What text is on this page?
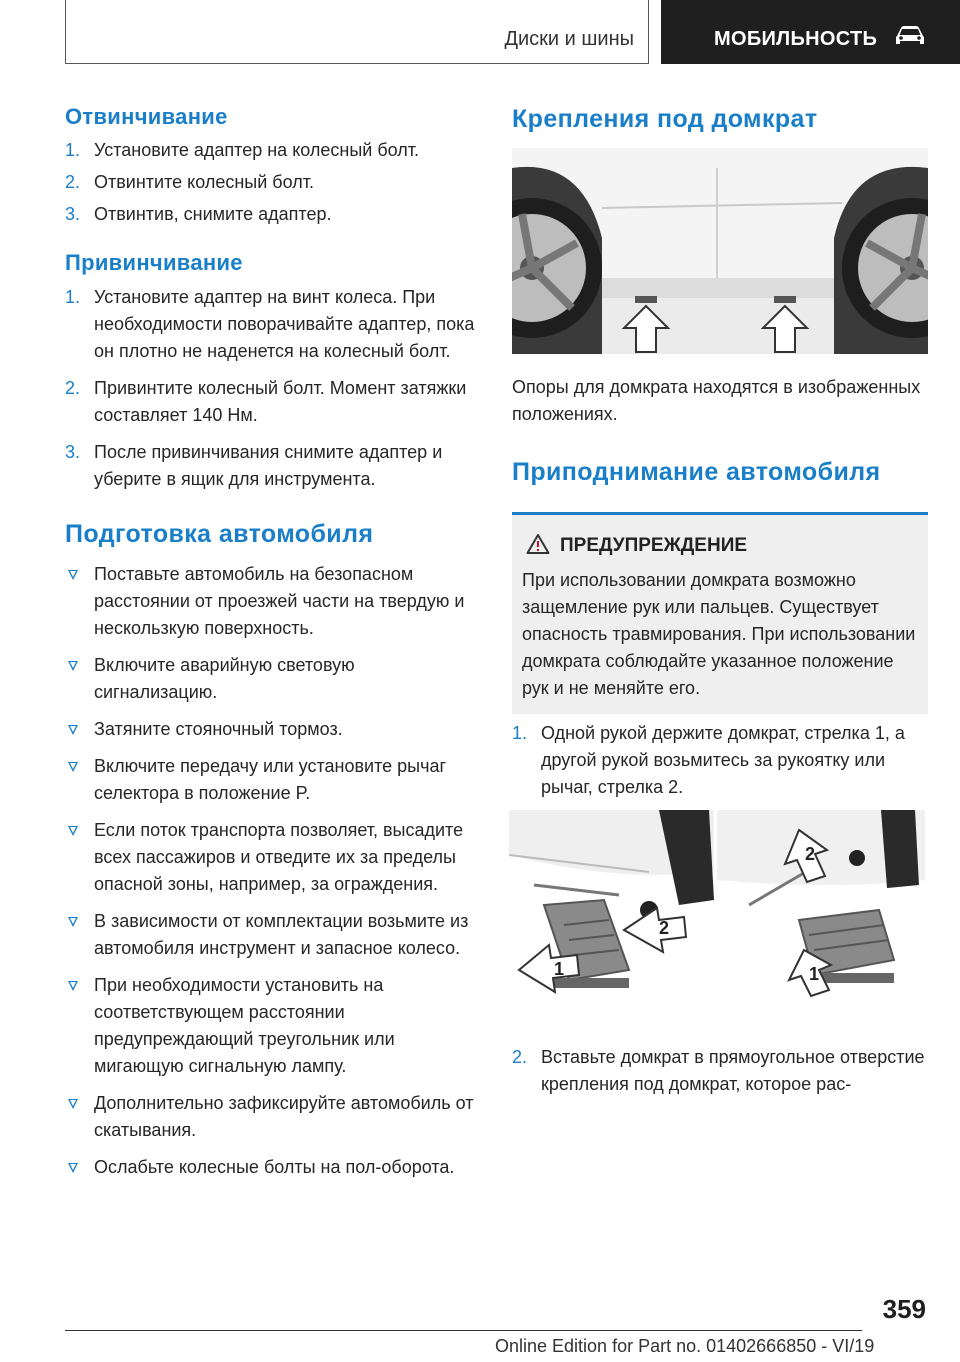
Диски и шины	МОБИЛЬНОСТЬ
Отвинчивание
1. Установите адаптер на колесный болт.
2. Отвинтите колесный болт.
3. Отвинтив, снимите адаптер.
Привинчивание
1. Установите адаптер на винт колеса. При необходимости поворачивайте адаптер, пока он плотно не наденется на колесный болт.
2. Привинтите колесный болт. Момент затяжки составляет 140 Нм.
3. После привинчивания снимите адаптер и уберите в ящик для инструмента.
Подготовка автомобиля
Поставьте автомобиль на безопасном расстоянии от проезжей части на твердую и нескользкую поверхность.
Включите аварийную световую сигнализацию.
Затяните стояночный тормоз.
Включите передачу или установите рычаг селектора в положение P.
Если поток транспорта позволяет, высадите всех пассажиров и отведите их за пределы опасной зоны, например, за ограждения.
В зависимости от комплектации возьмите из автомобиля инструмент и запасное колесо.
При необходимости установить на соответствующем расстоянии предупреждающий треугольник или мигающую сигнальную лампу.
Дополнительно зафиксируйте автомобиль от скатывания.
Ослабьте колесные болты на пол-оборота.
Крепления под домкрат

Опоры для домкрата находятся в изображенных положениях.

Приподнимание автомобиля
ПРЕДУПРЕЖДЕНИЕ
При использовании домкрата возможно защемление рук или пальцев. Существует опасность травмирования. При использовании домкрата соблюдайте указанное положение рук и не меняйте его.
1. Одной рукой держите домкрат, стрелка 1, а другой рукой возьмитесь за рукоятку или рычаг, стрелка 2.
1
2
2
1
2. Вставьте домкрат в прямоугольное отверстие крепления под домкрат, которое рас-
359
Online Edition for Part no. 01402666850 - VI/19
